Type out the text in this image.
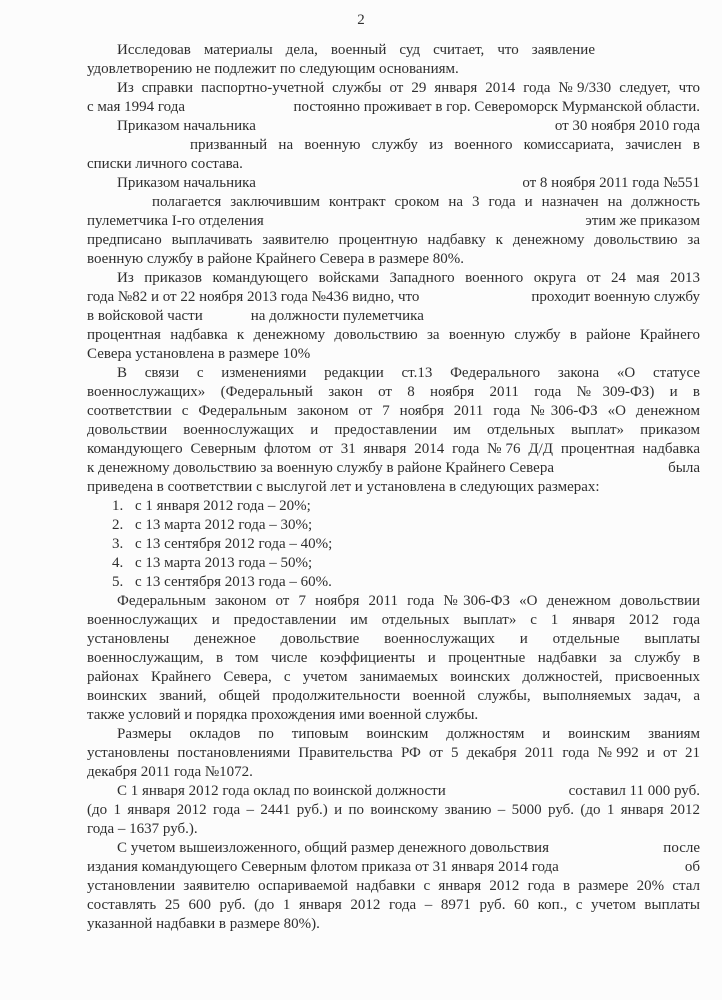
2
Исследовав материалы дела, военный суд считает, что заявление
удовлетворению не подлежит по следующим основаниям.
Из справки паспортно-учетной службы от 29 января 2014 года №9/330 следует, что
с мая 1994 года	постоянно проживает в гор. Североморск Мурманской области.
Приказом начальника	от 30 ноября 2010 года
призванный на военную службу из военного комиссариата, зачислен в
списки личного состава.
Приказом начальника	от 8 ноября 2011 года №551
полагается заключившим контракт сроком на 3 года и назначен на должность
пулеметчика I-го отделения	этим же приказом
предписано выплачивать заявителю процентную надбавку к денежному довольствию за
военную службу в районе Крайнего Севера в размере 80%.
Из приказов командующего войсками Западного военного округа от 24 мая 2013
года №82 и от 22 ноября 2013 года №436 видно, что	проходит военную службу
в войсковой части	на должности пулеметчика
процентная надбавка к денежному довольствию за военную службу в районе Крайнего
Севера установлена в размере 10%
В связи с изменениями редакции ст.13 Федерального закона «О статусе
военнослужащих» (Федеральный закон от 8 ноября 2011 года №309-ФЗ) и в
соответствии с Федеральным законом от 7 ноября 2011 года №306-ФЗ «О денежном
довольствии военнослужащих и предоставлении им отдельных выплат» приказом
командующего Северным флотом от 31 января 2014 года №76 Д/Д процентная надбавка
к денежному довольствию за военную службу в районе Крайнего Севера	была
приведена в соответствии с выслугой лет и установлена в следующих размерах:
1. с 1 января 2012 года – 20%;
2. с 13 марта 2012 года – 30%;
3. с 13 сентября 2012 года – 40%;
4. с 13 марта 2013 года – 50%;
5. с 13 сентября 2013 года – 60%.
Федеральным законом от 7 ноября 2011 года №306-ФЗ «О денежном довольствии
военнослужащих и предоставлении им отдельных выплат» с 1 января 2012 года
установлены денежное довольствие военнослужащих и отдельные выплаты
военнослужащим, в том числе коэффициенты и процентные надбавки за службу в
районах Крайнего Севера, с учетом занимаемых воинских должностей, присвоенных
воинских званий, общей продолжительности военной службы, выполняемых задач, а
также условий и порядка прохождения ими военной службы.
Размеры окладов по типовым воинским должностям и воинским званиям
установлены постановлениями Правительства РФ от 5 декабря 2011 года №992 и от 21
декабря 2011 года №1072.
С 1 января 2012 года оклад по воинской должности	составил 11 000 руб.
(до 1 января 2012 года – 2441 руб.) и по воинскому званию – 5000 руб. (до 1 января 2012
года – 1637 руб.).
С учетом вышеизложенного, общий размер денежного довольствия	после
издания командующего Северным флотом приказа от 31 января 2014 года	об
установлении заявителю оспариваемой надбавки с января 2012 года в размере 20% стал
составлять 25 600 руб. (до 1 января 2012 года – 8971 руб. 60 коп., с учетом выплаты
указанной надбавки в размере 80%).
